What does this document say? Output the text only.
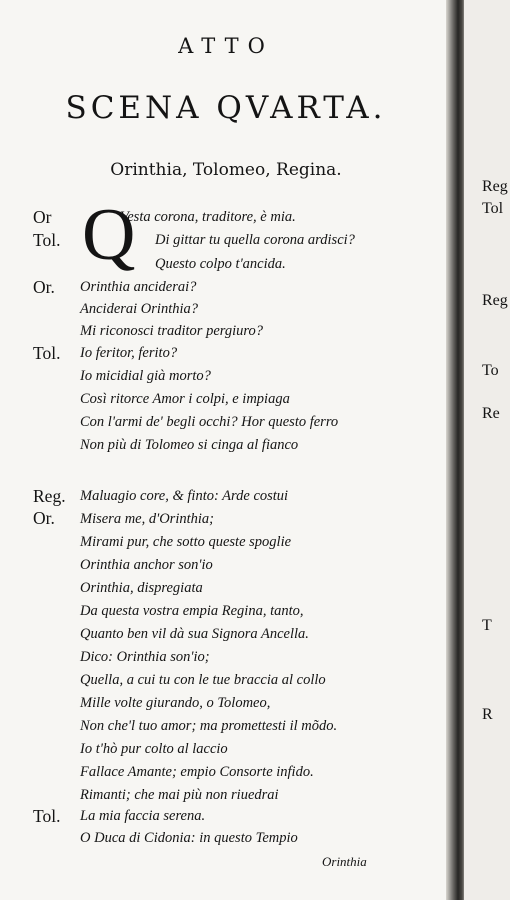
ATTO
SCENA QVARTA.
Orinthia, Tolomeo, Regina.
Q
Or
Tol.
Or.
Tol.
Reg.
Or.
Tol.
Vesta corona, traditore, è mia.
Di gittar tu quella corona ardisci?
Questo colpo t'ancida.
Orinthia anciderai?
Anciderai Orinthia?
Mi riconosci traditor pergiuro?
Io feritor, ferito?
Io micidial già morto?
Così ritorce Amor i colpi, e impiaga
Con l'armi de' begli occhi? Hor questo ferro
Non più di Tolomeo si cinga al fianco
Maluagio core, & finto: Arde costui
Misera me, d'Orinthia;
Mirami pur, che sotto queste spoglie
Orinthia anchor son'io
Orinthia, dispregiata
Da questa vostra empia Regina, tanto,
Quanto ben vil dà sua Signora Ancella.
Dico: Orinthia son'io;
Quella, a cui tu con le tue braccia al collo
Mille volte giurando, o Tolomeo,
Non che'l tuo amor; ma promettesti il mõdo.
Io t'hò pur colto al laccio
Fallace Amante; empio Consorte infido.
Rimanti; che mai più non riuedrai
La mia faccia serena.
O Duca di Cidonia: in questo Tempio
Orinthia
Reg
Tol
Reg
To
Re
T
R
